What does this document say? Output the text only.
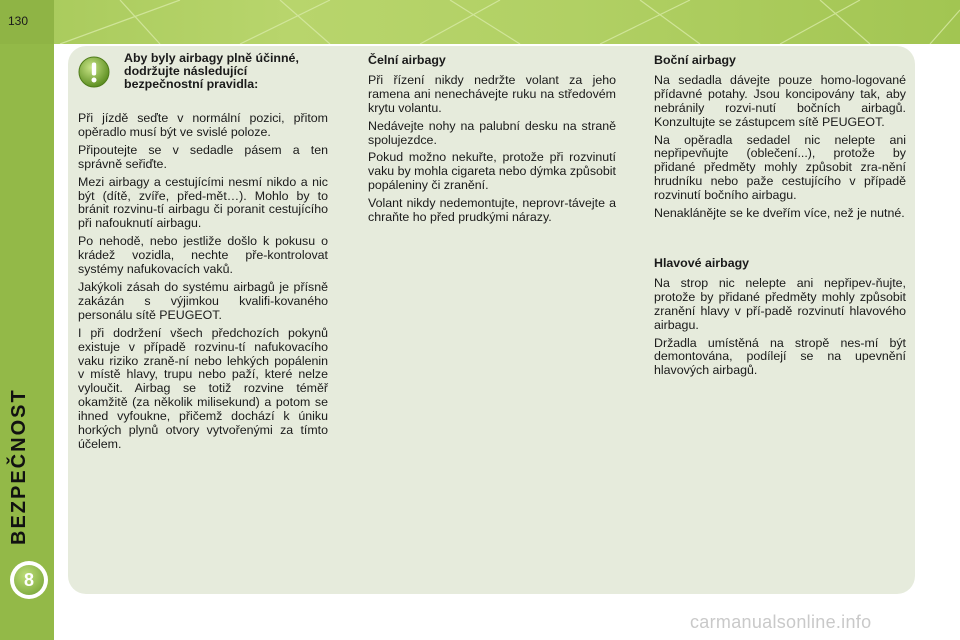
130
BEZPEČNOST
8
Aby byly airbagy plně účinné, dodržujte následující bezpečnostní pravidla:

Při jízdě seďte v normální pozici, přitom opěradlo musí být ve svislé poloze.

Připoutejte se v sedadle pásem a ten správně seřiďte.

Mezi airbagy a cestujícími nesmí nikdo a nic být (dítě, zvíře, před-mět…). Mohlo by to bránit rozvinu-tí airbagu či poranit cestujícího při nafouknutí airbagu.

Po nehodě, nebo jestliže došlo k pokusu o krádež vozidla, nechte pře-kontrolovat systémy nafukovacích vaků.

Jakýkoli zásah do systému airbagů je přísně zakázán s výjimkou kvalifi-kovaného personálu sítě PEUGEOT.

I při dodržení všech předchozích pokynů existuje v případě rozvinu-tí nafukovacího vaku riziko zraně-ní nebo lehkých popálenin v místě hlavy, trupu nebo paží, které nelze vyloučit. Airbag se totiž rozvine téměř okamžitě (za několik milisekund) a potom se ihned vyfoukne, přičemž dochází k úniku horkých plynů otvory vytvořenými za tímto účelem.

Čelní airbagy

Při řízení nikdy nedržte volant za jeho ramena ani nenechávejte ruku na středovém krytu volantu.

Nedávejte nohy na palubní desku na straně spolujezdce.

Pokud možno nekuřte, protože při rozvinutí vaku by mohla cigareta nebo dýmka způsobit popáleniny či zranění.

Volant nikdy nedemontujte, neprovr-távejte a chraňte ho před prudkými nárazy.

Boční airbagy

Na sedadla dávejte pouze homo-logované přídavné potahy. Jsou koncipovány tak, aby nebránily rozvi-nutí bočních airbagů. Konzultujte se zástupcem sítě PEUGEOT.

Na opěradla sedadel nic nelepte ani nepřipevňujte (oblečení...), protože by přidané předměty mohly způsobit zra-nění hrudníku nebo paže cestujícího v případě rozvinutí bočního airbagu.

Nenaklánějte se ke dveřím více, než je nutné.

Hlavové airbagy

Na strop nic nelepte ani nepřipev-ňujte, protože by přidané předměty mohly způsobit zranění hlavy v pří-padě rozvinutí hlavového airbagu.

Držadla umístěná na stropě nes-mí být demontována, podílejí se na upevnění hlavových airbagů.

carmanualsonline.info
